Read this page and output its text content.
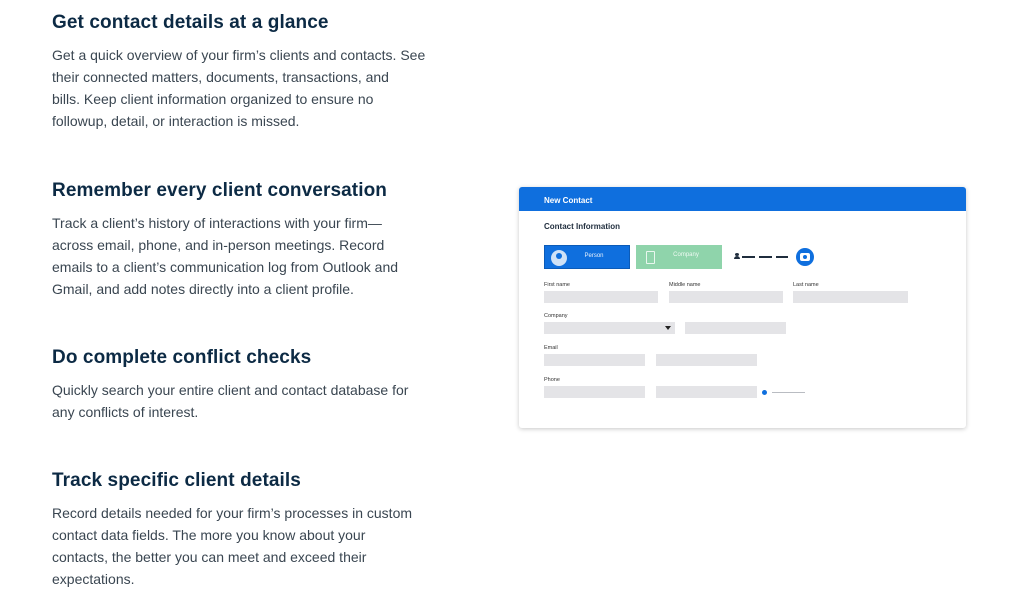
Get contact details at a glance

Get a quick overview of your firm’s clients and contacts. See
their connected matters, documents, transactions, and
bills. Keep client information organized to ensure no
followup, detail, or interaction is missed.

Remember every client conversation

Track a client’s history of interactions with your firm—
across email, phone, and in-person meetings. Record
emails to a client’s communication log from Outlook and
Gmail, and add notes directly into a client profile.

Do complete conflict checks

Quickly search your entire client and contact database for
any conflicts of interest.

Track specific client details

Record details needed for your firm’s processes in custom
contact data fields. The more you know about your
contacts, the better you can meet and exceed their
expectations.

New Contact
Contact Information
Person	Company
First name	Middle name	Last name
Company
Email
Phone
